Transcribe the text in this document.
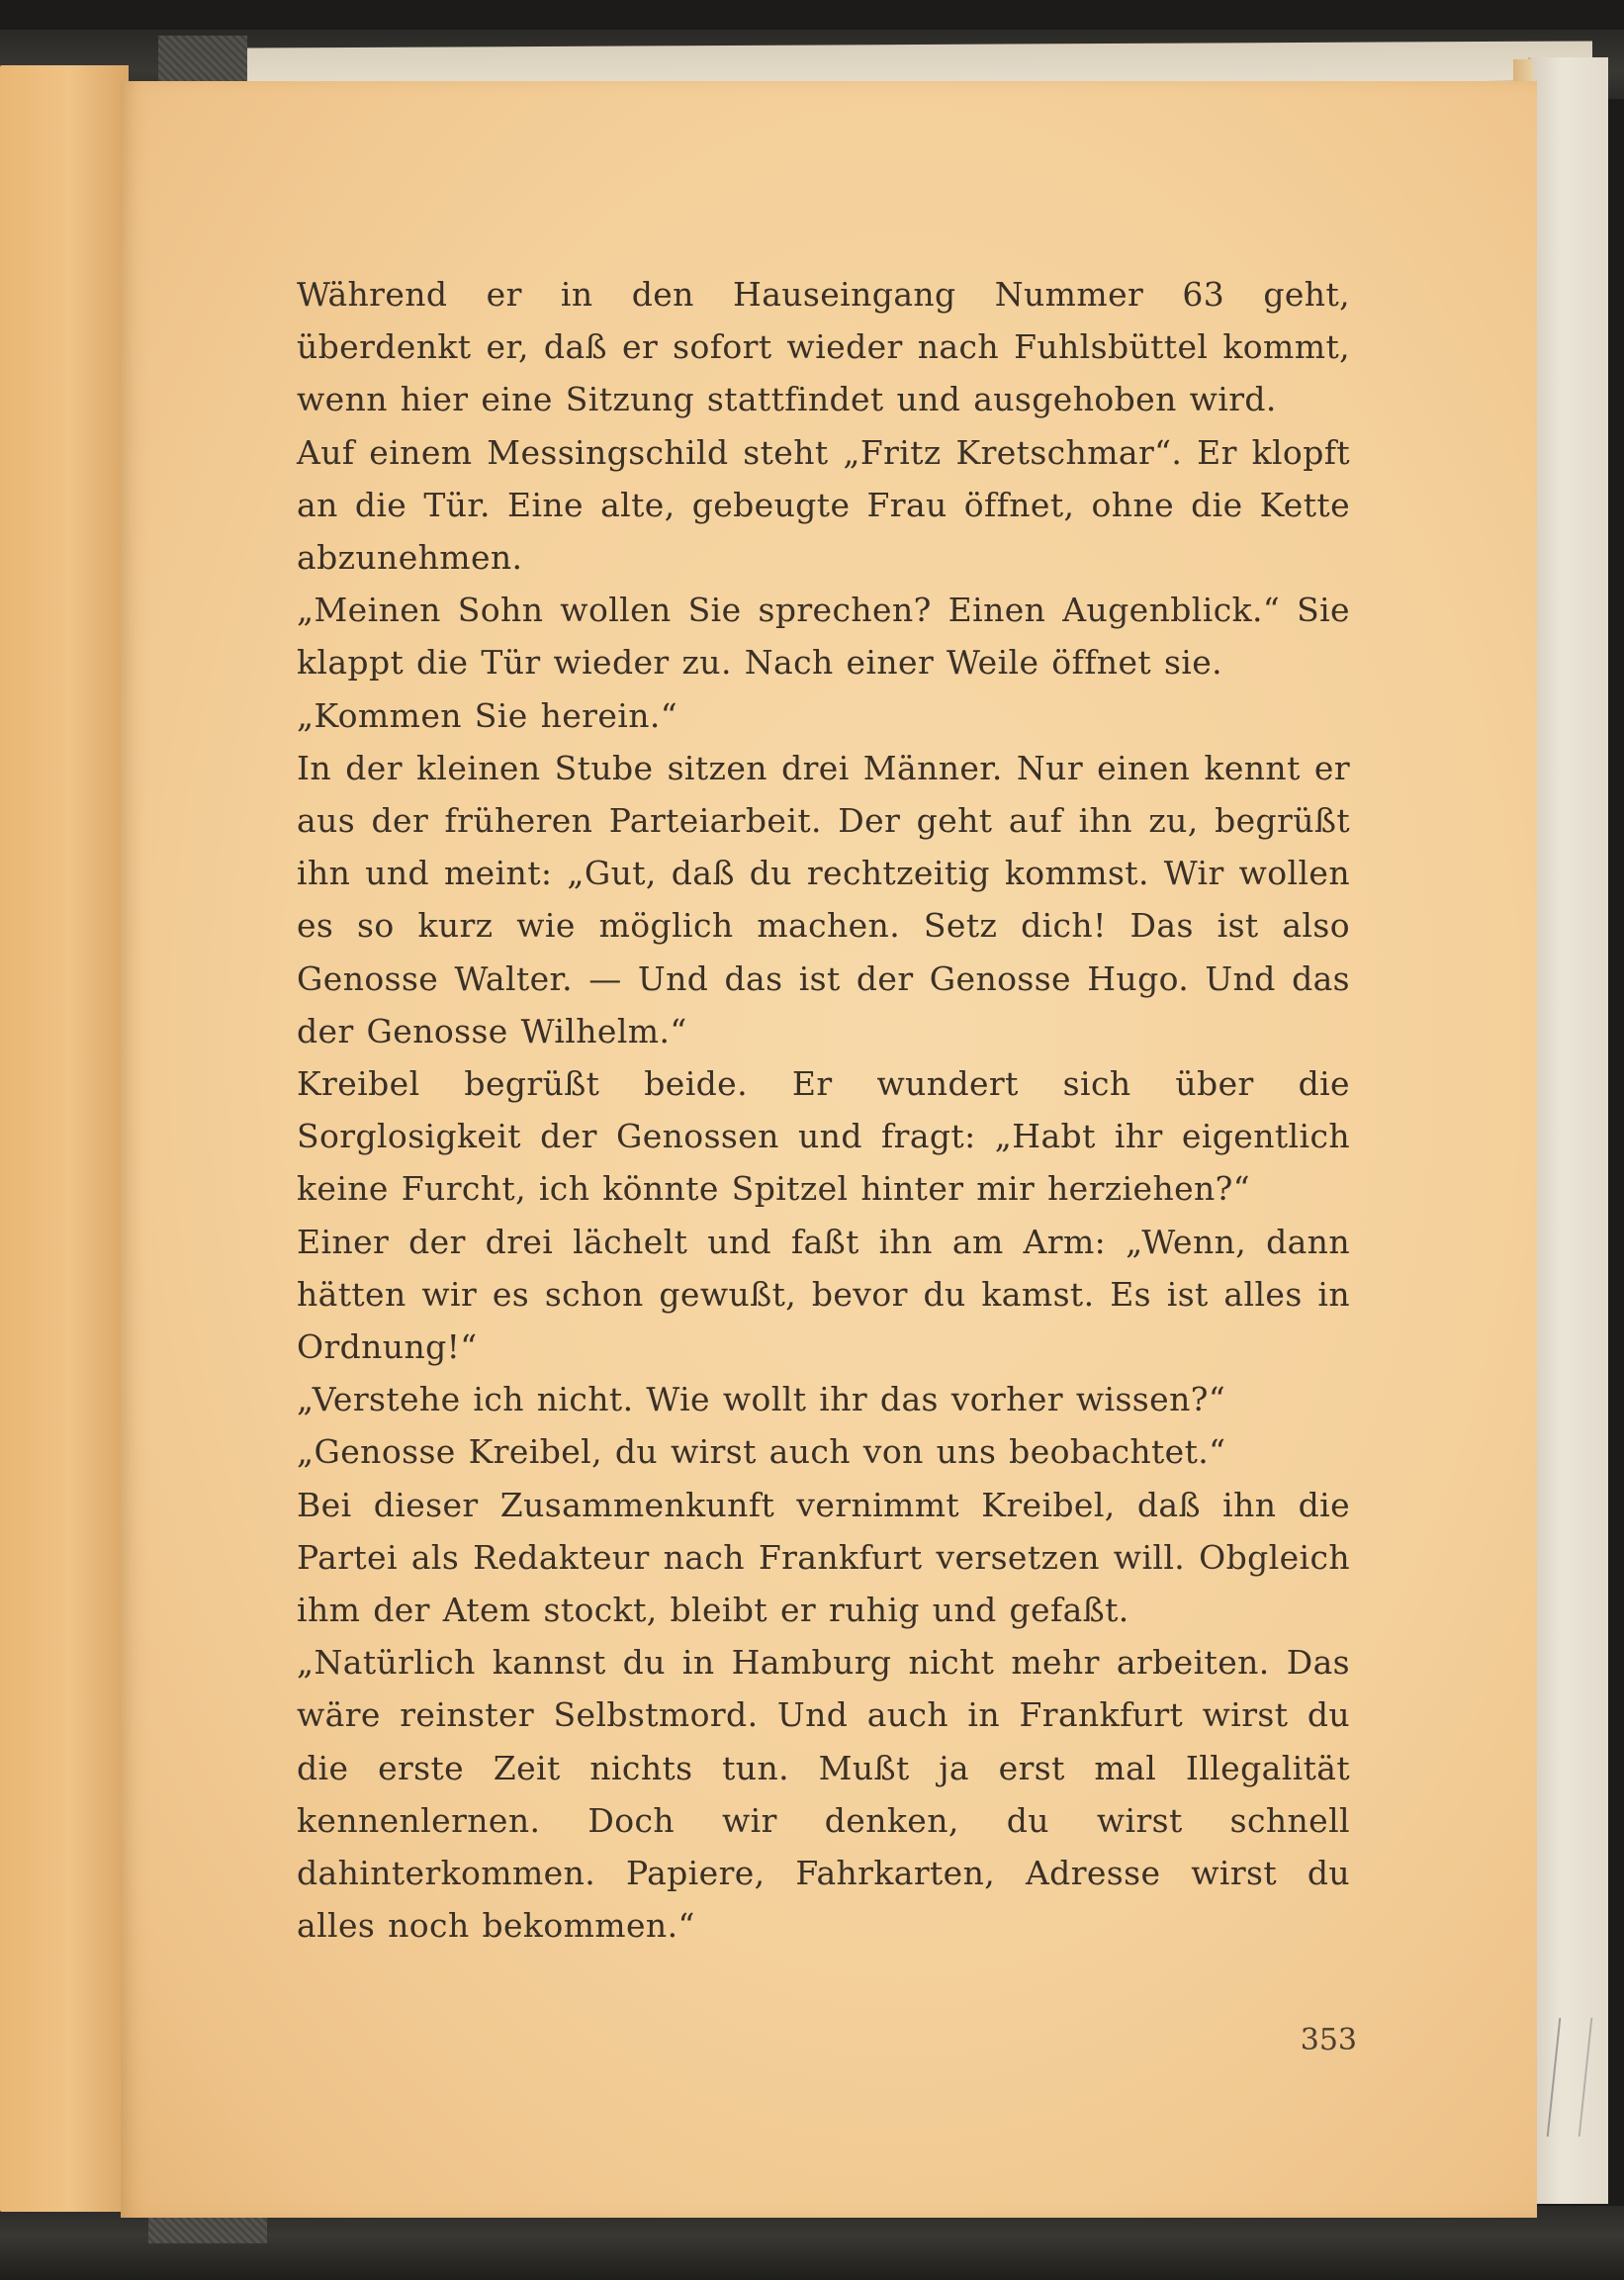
Während er in den Hauseingang Nummer 63 geht, überdenkt er, daß er sofort wieder nach Fuhlsbüttel kommt, wenn hier eine Sitzung stattfindet und ausgehoben wird.

Auf einem Messingschild steht „Fritz Kretschmar“. Er klopft an die Tür. Eine alte, gebeugte Frau öffnet, ohne die Kette abzunehmen.

„Meinen Sohn wollen Sie sprechen? Einen Augenblick.“ Sie klappt die Tür wieder zu. Nach einer Weile öffnet sie.

„Kommen Sie herein.“

In der kleinen Stube sitzen drei Männer. Nur einen kennt er aus der früheren Parteiarbeit. Der geht auf ihn zu, begrüßt ihn und meint: „Gut, daß du rechtzeitig kommst. Wir wollen es so kurz wie möglich machen. Setz dich! Das ist also Genosse Walter. — Und das ist der Genosse Hugo. Und das der Genosse Wilhelm.“

Kreibel begrüßt beide. Er wundert sich über die Sorglosigkeit der Genossen und fragt: „Habt ihr eigentlich keine Furcht, ich könnte Spitzel hinter mir herziehen?“

Einer der drei lächelt und faßt ihn am Arm: „Wenn, dann hätten wir es schon gewußt, bevor du kamst. Es ist alles in Ordnung!“

„Verstehe ich nicht. Wie wollt ihr das vorher wissen?“

„Genosse Kreibel, du wirst auch von uns beobachtet.“

Bei dieser Zusammenkunft vernimmt Kreibel, daß ihn die Partei als Redakteur nach Frankfurt versetzen will. Obgleich ihm der Atem stockt, bleibt er ruhig und gefaßt.

„Natürlich kannst du in Hamburg nicht mehr arbeiten. Das wäre reinster Selbstmord. Und auch in Frankfurt wirst du die erste Zeit nichts tun. Mußt ja erst mal Illegalität kennenlernen. Doch wir denken, du wirst schnell dahinterkommen. Papiere, Fahrkarten, Adresse wirst du alles noch bekommen.“

353
